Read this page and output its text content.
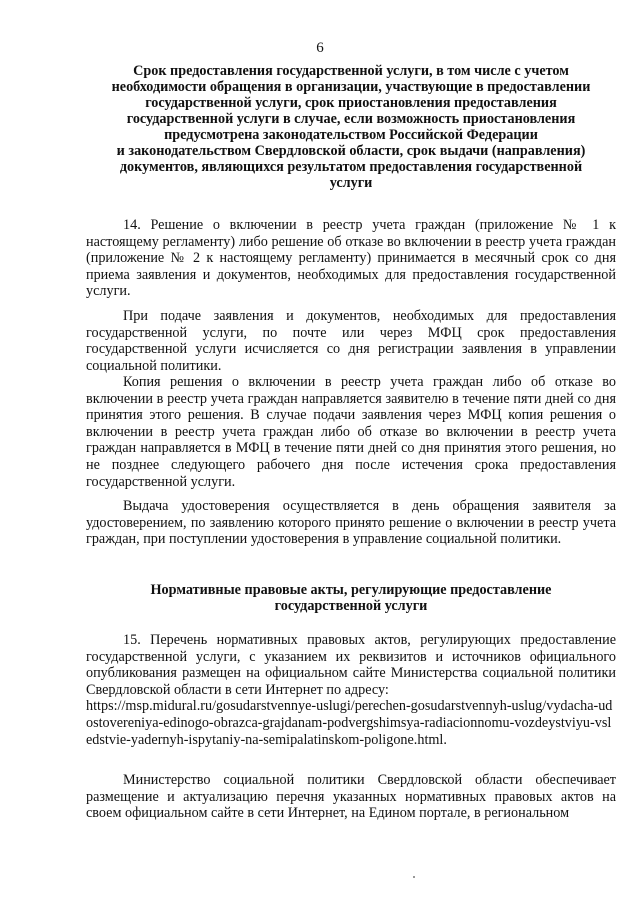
6
Срок предоставления государственной услуги, в том числе с учетом
необходимости обращения в организации, участвующие в предоставлении
государственной услуги, срок приостановления предоставления
государственной услуги в случае, если возможность приостановления
предусмотрена законодательством Российской Федерации
и законодательством Свердловской области, срок выдачи (направления)
документов, являющихся результатом предоставления государственной
услуги

14. Решение о включении в реестр учета граждан (приложение № 1 к настоящему регламенту) либо решение об отказе во включении в реестр учета граждан (приложение № 2 к настоящему регламенту) принимается в месячный срок со дня приема заявления и документов, необходимых для предоставления государственной услуги.

При подаче заявления и документов, необходимых для предоставления государственной услуги, по почте или через МФЦ срок предоставления государственной услуги исчисляется со дня регистрации заявления в управлении социальной политики.

Копия решения о включении в реестр учета граждан либо об отказе во включении в реестр учета граждан направляется заявителю в течение пяти дней со дня принятия этого решения. В случае подачи заявления через МФЦ копия решения о включении в реестр учета граждан либо об отказе во включении в реестр учета граждан направляется в МФЦ в течение пяти дней со дня принятия этого решения, но не позднее следующего рабочего дня после истечения срока предоставления государственной услуги.

Выдача удостоверения осуществляется в день обращения заявителя за удостоверением, по заявлению которого принято решение о включении в реестр учета граждан, при поступлении удостоверения в управление социальной политики.

Нормативные правовые акты, регулирующие предоставление
государственной услуги
15. Перечень нормативных правовых актов, регулирующих предоставление государственной услуги, с указанием их реквизитов и источников официального опубликования размещен на официальном сайте Министерства социальной политики Свердловской области в сети Интернет по адресу:
https://msp.midural.ru/gosudarstvennye-uslugi/perechen-gosudarstvennyh-uslug/vydacha-udostovereniya-edinogo-obrazca-grajdanam-podvergshimsya-radiacionnomu-vozdeystviyu-vsledstvie-yadernyh-ispytaniy-na-semipalatinskom-poligone.html.

Министерство социальной политики Свердловской области обеспечивает размещение и актуализацию перечня указанных нормативных правовых актов на своем официальном сайте в сети Интернет, на Едином портале, в региональном
